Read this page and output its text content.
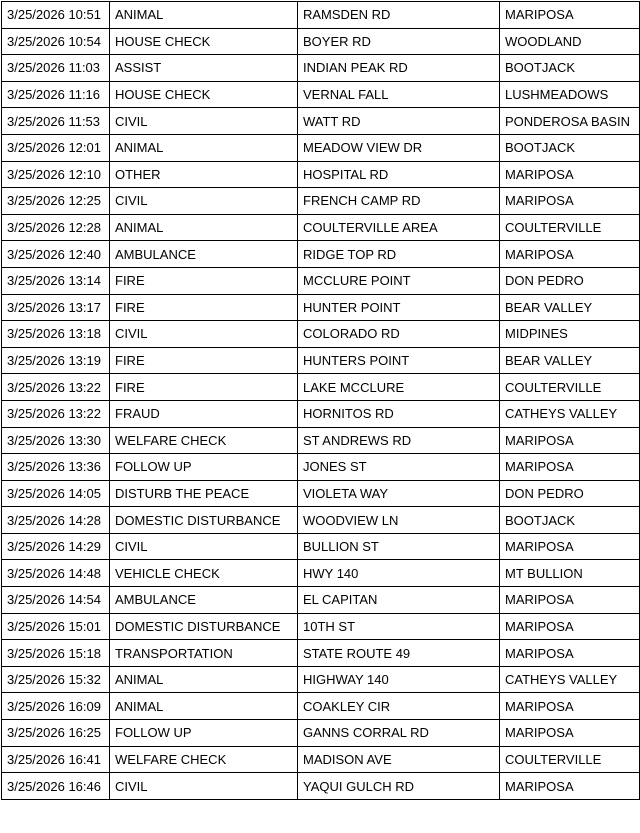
3/25/2026 10:51	ANIMAL	RAMSDEN RD	MARIPOSA
3/25/2026 10:54	HOUSE CHECK	BOYER RD	WOODLAND
3/25/2026 11:03	ASSIST	INDIAN PEAK RD	BOOTJACK
3/25/2026 11:16	HOUSE CHECK	VERNAL FALL	LUSHMEADOWS
3/25/2026 11:53	CIVIL	WATT RD	PONDEROSA BASIN
3/25/2026 12:01	ANIMAL	MEADOW VIEW DR	BOOTJACK
3/25/2026 12:10	OTHER	HOSPITAL RD	MARIPOSA
3/25/2026 12:25	CIVIL	FRENCH CAMP RD	MARIPOSA
3/25/2026 12:28	ANIMAL	COULTERVILLE AREA	COULTERVILLE
3/25/2026 12:40	AMBULANCE	RIDGE TOP RD	MARIPOSA
3/25/2026 13:14	FIRE	MCCLURE POINT	DON PEDRO
3/25/2026 13:17	FIRE	HUNTER POINT	BEAR VALLEY
3/25/2026 13:18	CIVIL	COLORADO RD	MIDPINES
3/25/2026 13:19	FIRE	HUNTERS POINT	BEAR VALLEY
3/25/2026 13:22	FIRE	LAKE MCCLURE	COULTERVILLE
3/25/2026 13:22	FRAUD	HORNITOS RD	CATHEYS VALLEY
3/25/2026 13:30	WELFARE CHECK	ST ANDREWS RD	MARIPOSA
3/25/2026 13:36	FOLLOW UP	JONES ST	MARIPOSA
3/25/2026 14:05	DISTURB THE PEACE	VIOLETA WAY	DON PEDRO
3/25/2026 14:28	DOMESTIC DISTURBANCE	WOODVIEW LN	BOOTJACK
3/25/2026 14:29	CIVIL	BULLION ST	MARIPOSA
3/25/2026 14:48	VEHICLE CHECK	HWY 140	MT BULLION
3/25/2026 14:54	AMBULANCE	EL CAPITAN	MARIPOSA
3/25/2026 15:01	DOMESTIC DISTURBANCE	10TH ST	MARIPOSA
3/25/2026 15:18	TRANSPORTATION	STATE ROUTE 49	MARIPOSA
3/25/2026 15:32	ANIMAL	HIGHWAY 140	CATHEYS VALLEY
3/25/2026 16:09	ANIMAL	COAKLEY CIR	MARIPOSA
3/25/2026 16:25	FOLLOW UP	GANNS CORRAL RD	MARIPOSA
3/25/2026 16:41	WELFARE CHECK	MADISON AVE	COULTERVILLE
3/25/2026 16:46	CIVIL	YAQUI GULCH RD	MARIPOSA
